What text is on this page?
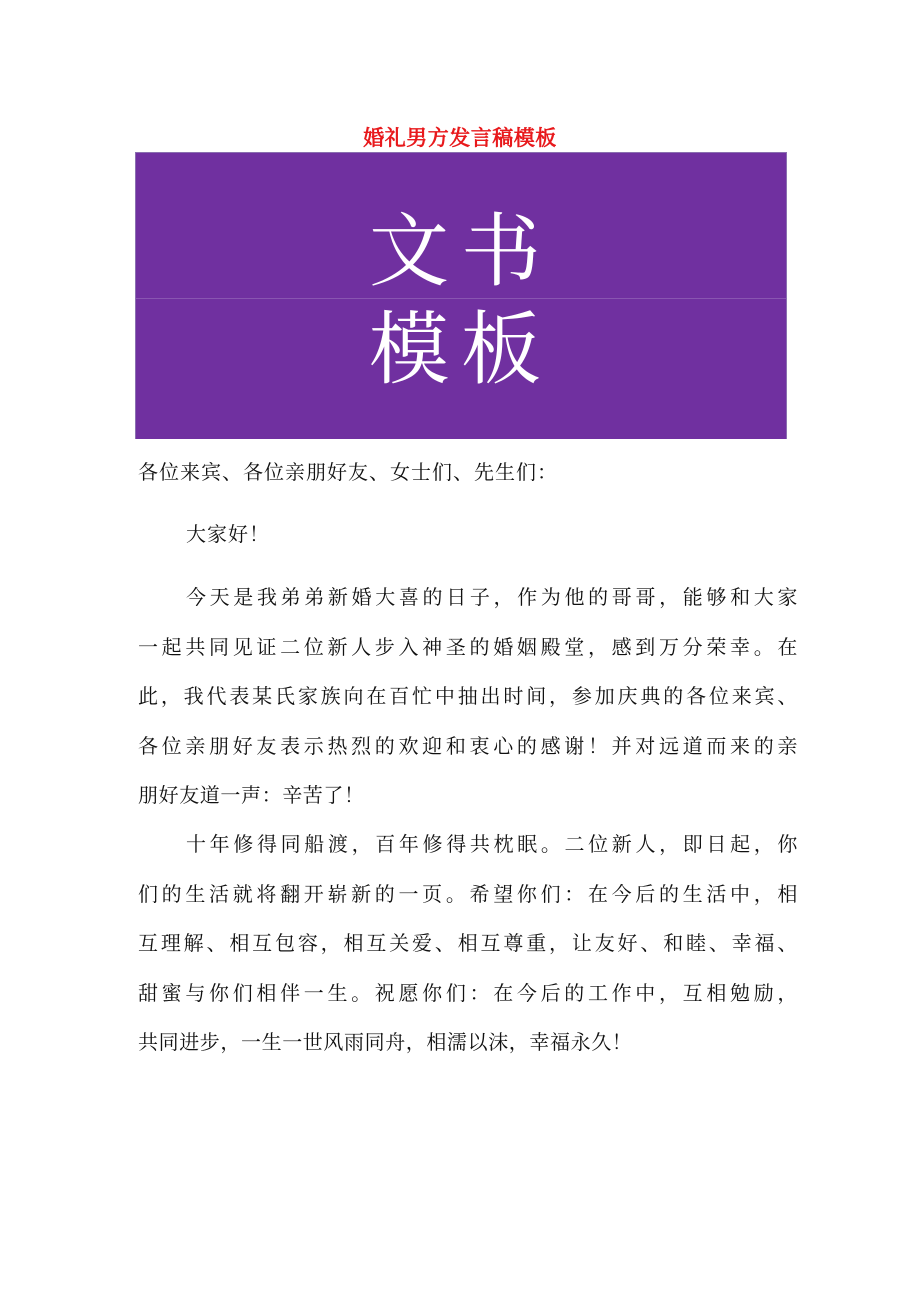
婚礼男方发言稿模板
文书
模板
各位来宾、各位亲朋好友、女士们、先生们：
大家好！
今天是我弟弟新婚大喜的日子，作为他的哥哥，能够和大家
一起共同见证二位新人步入神圣的婚姻殿堂，感到万分荣幸。在
此，我代表某氏家族向在百忙中抽出时间，参加庆典的各位来宾、
各位亲朋好友表示热烈的欢迎和衷心的感谢！并对远道而来的亲
朋好友道一声：辛苦了！
十年修得同船渡，百年修得共枕眠。二位新人，即日起，你
们的生活就将翻开崭新的一页。希望你们：在今后的生活中，相
互理解、相互包容，相互关爱、相互尊重，让友好、和睦、幸福、
甜蜜与你们相伴一生。祝愿你们：在今后的工作中，互相勉励，
共同进步，一生一世风雨同舟，相濡以沫，幸福永久！
